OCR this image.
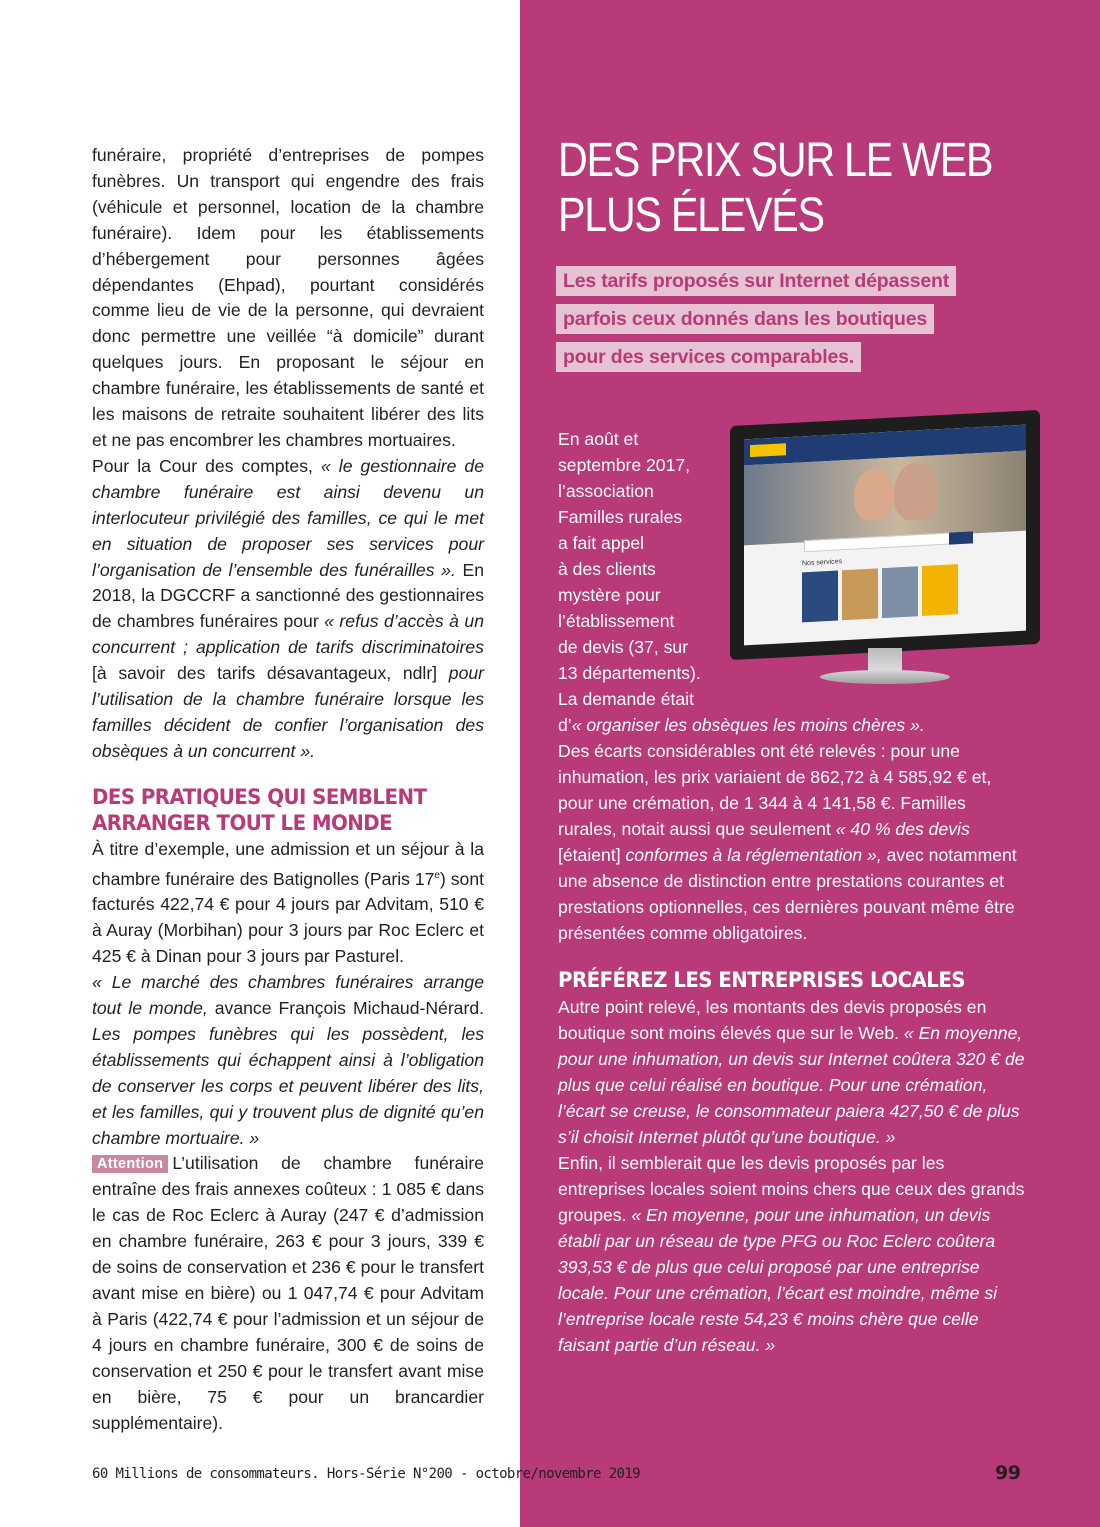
funéraire, propriété d’entreprises de pompes funèbres. Un transport qui engendre des frais (véhicule et personnel, location de la chambre funéraire). Idem pour les établissements d’hébergement pour personnes âgées dépendantes (Ehpad), pourtant considérés comme lieu de vie de la personne, qui devraient donc permettre une veillée “à domicile” durant quelques jours. En proposant le séjour en chambre funéraire, les établissements de santé et les maisons de retraite souhaitent libérer des lits et ne pas encombrer les chambres mortuaires.

Pour la Cour des comptes, « le gestionnaire de chambre funéraire est ainsi devenu un interlocuteur privilégié des familles, ce qui le met en situation de proposer ses services pour l’organisation de l’ensemble des funérailles ». En 2018, la DGCCRF a sanctionné des gestionnaires de chambres funéraires pour « refus d’accès à un concurrent ; application de tarifs discriminatoires [à savoir des tarifs désavantageux, ndlr] pour l’utilisation de la chambre funéraire lorsque les familles décident de confier l’organisation des obsèques à un concurrent ».

DES PRATIQUES QUI SEMBLENT
ARRANGER TOUT LE MONDE

À titre d’exemple, une admission et un séjour à la chambre funéraire des Batignolles (Paris 17e) sont facturés 422,74 € pour 4 jours par Advitam, 510 € à Auray (Morbihan) pour 3 jours par Roc Eclerc et 425 € à Dinan pour 3 jours par Pasturel.

« Le marché des chambres funéraires arrange tout le monde, avance François Michaud-Nérard. Les pompes funèbres qui les possèdent, les établissements qui échappent ainsi à l’obligation de conserver les corps et peuvent libérer des lits, et les familles, qui y trouvent plus de dignité qu’en chambre mortuaire. »

Attention L’utilisation de chambre funéraire entraîne des frais annexes coûteux : 1 085 € dans le cas de Roc Eclerc à Auray (247 € d’admission en chambre funéraire, 263 € pour 3 jours, 339 € de soins de conservation et 236 € pour le transfert avant mise en bière) ou 1 047,74 € pour Advitam à Paris (422,74 € pour l’admission et un séjour de 4 jours en chambre funéraire, 300 € de soins de conservation et 250 € pour le transfert avant mise en bière, 75 € pour un brancardier supplémentaire).

DES PRIX SUR LE WEB
PLUS ÉLEVÉS
Les tarifs proposés sur Internet dépassent
parfois ceux donnés dans les boutiques
pour des services comparables.
Nos services

En août et

septembre 2017,

l’association

Familles rurales

a fait appel

à des clients

mystère pour

l’établissement

de devis (37, sur

13 départements).

La demande était

d’« organiser les obsèques les moins chères ».
Des écarts considérables ont été relevés : pour une inhumation, les prix variaient de 862,72 à 4 585,92 € et, pour une crémation, de 1 344 à 4 141,58 €. Familles rurales, notait aussi que seulement « 40 % des devis [étaient] conformes à la réglementation », avec notamment une absence de distinction entre prestations courantes et prestations optionnelles, ces dernières pouvant même être présentées comme obligatoires.

PRÉFÉREZ LES ENTREPRISES LOCALES

Autre point relevé, les montants des devis proposés en boutique sont moins élevés que sur le Web. « En moyenne, pour une inhumation, un devis sur Internet coûtera 320 € de plus que celui réalisé en boutique. Pour une crémation, l’écart se creuse, le consommateur paiera 427,50 € de plus s’il choisit Internet plutôt qu’une boutique. »

Enfin, il semblerait que les devis proposés par les entreprises locales soient moins chers que ceux des grands groupes. « En moyenne, pour une inhumation, un devis établi par un réseau de type PFG ou Roc Eclerc coûtera 393,53 € de plus que celui proposé par une entreprise locale. Pour une crémation, l’écart est moindre, même si l’entreprise locale reste 54,23 € moins chère que celle faisant partie d’un réseau. »

60 Millions de consommateurs. Hors-Série N°200 - octobre/novembre 2019	99
